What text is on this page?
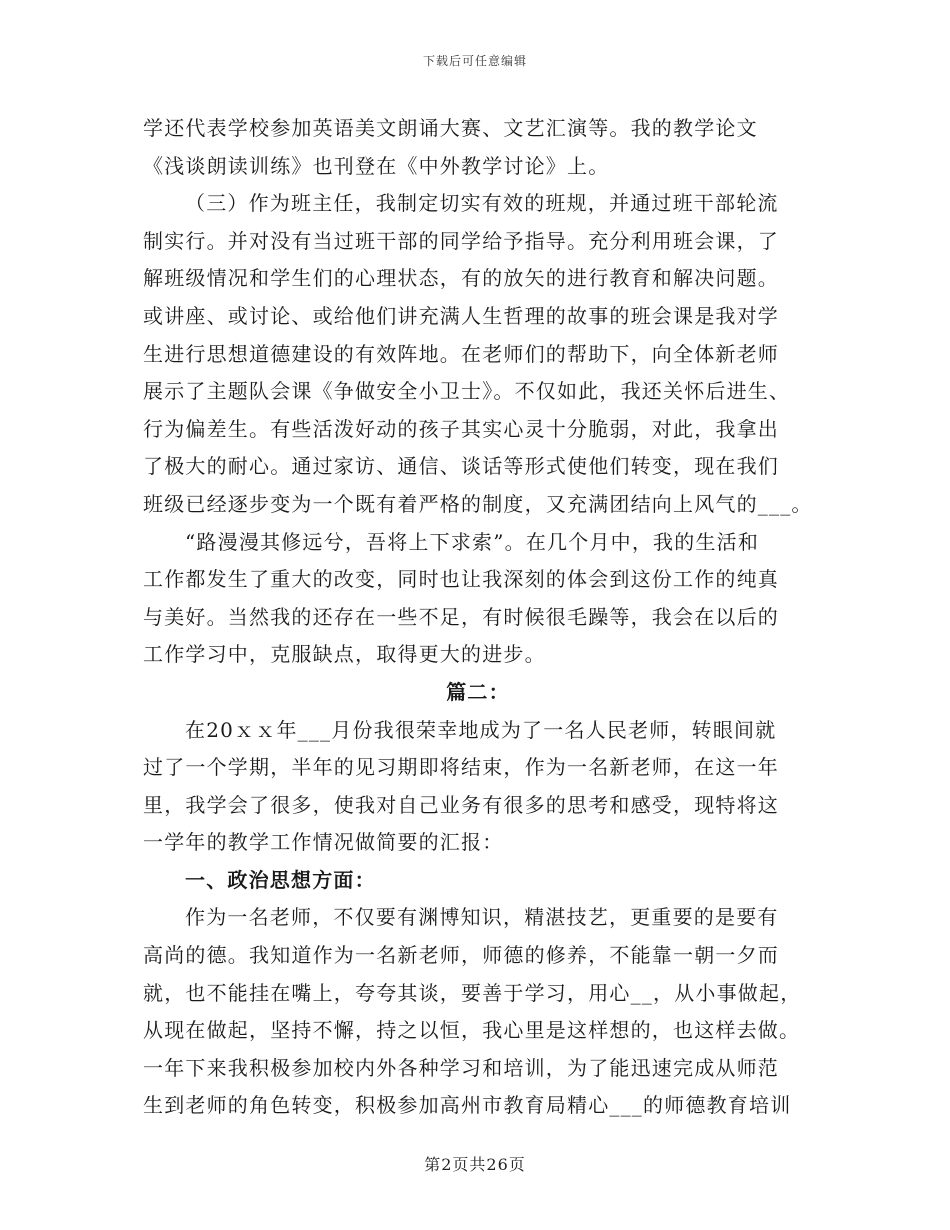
下载后可任意编辑
学还代表学校参加英语美文朗诵大赛、文艺汇演等。我的教学论文
《浅谈朗读训练》也刊登在《中外教学讨论》上。
（三）作为班主任，我制定切实有效的班规，并通过班干部轮流
制实行。并对没有当过班干部的同学给予指导。充分利用班会课，了
解班级情况和学生们的心理状态，有的放矢的进行教育和解决问题。
或讲座、或讨论、或给他们讲充满人生哲理的故事的班会课是我对学
生进行思想道德建设的有效阵地。在老师们的帮助下，向全体新老师
展示了主题队会课《争做安全小卫士》。不仅如此，我还关怀后进生、
行为偏差生。有些活泼好动的孩子其实心灵十分脆弱，对此，我拿出
了极大的耐心。通过家访、通信、谈话等形式使他们转变，现在我们
班级已经逐步变为一个既有着严格的制度，又充满团结向上风气的___。
“路漫漫其修远兮，吾将上下求索”。在几个月中，我的生活和
工作都发生了重大的改变，同时也让我深刻的体会到这份工作的纯真
与美好。当然我的还存在一些不足，有时候很毛躁等，我会在以后的
工作学习中，克服缺点，取得更大的进步。
篇二：
在20ｘｘ年___月份我很荣幸地成为了一名人民老师，转眼间就
过了一个学期，半年的见习期即将结束，作为一名新老师，在这一年
里，我学会了很多，使我对自己业务有很多的思考和感受，现特将这
一学年的教学工作情况做简要的汇报：
一、政治思想方面：
作为一名老师，不仅要有渊博知识，精湛技艺，更重要的是要有
高尚的德。我知道作为一名新老师，师德的修养，不能靠一朝一夕而
就，也不能挂在嘴上，夸夸其谈，要善于学习，用心__，从小事做起，
从现在做起，坚持不懈，持之以恒，我心里是这样想的，也这样去做。
一年下来我积极参加校内外各种学习和培训，为了能迅速完成从师范
生到老师的角色转变，积极参加高州市教育局精心___的师德教育培训
第2页共26页
